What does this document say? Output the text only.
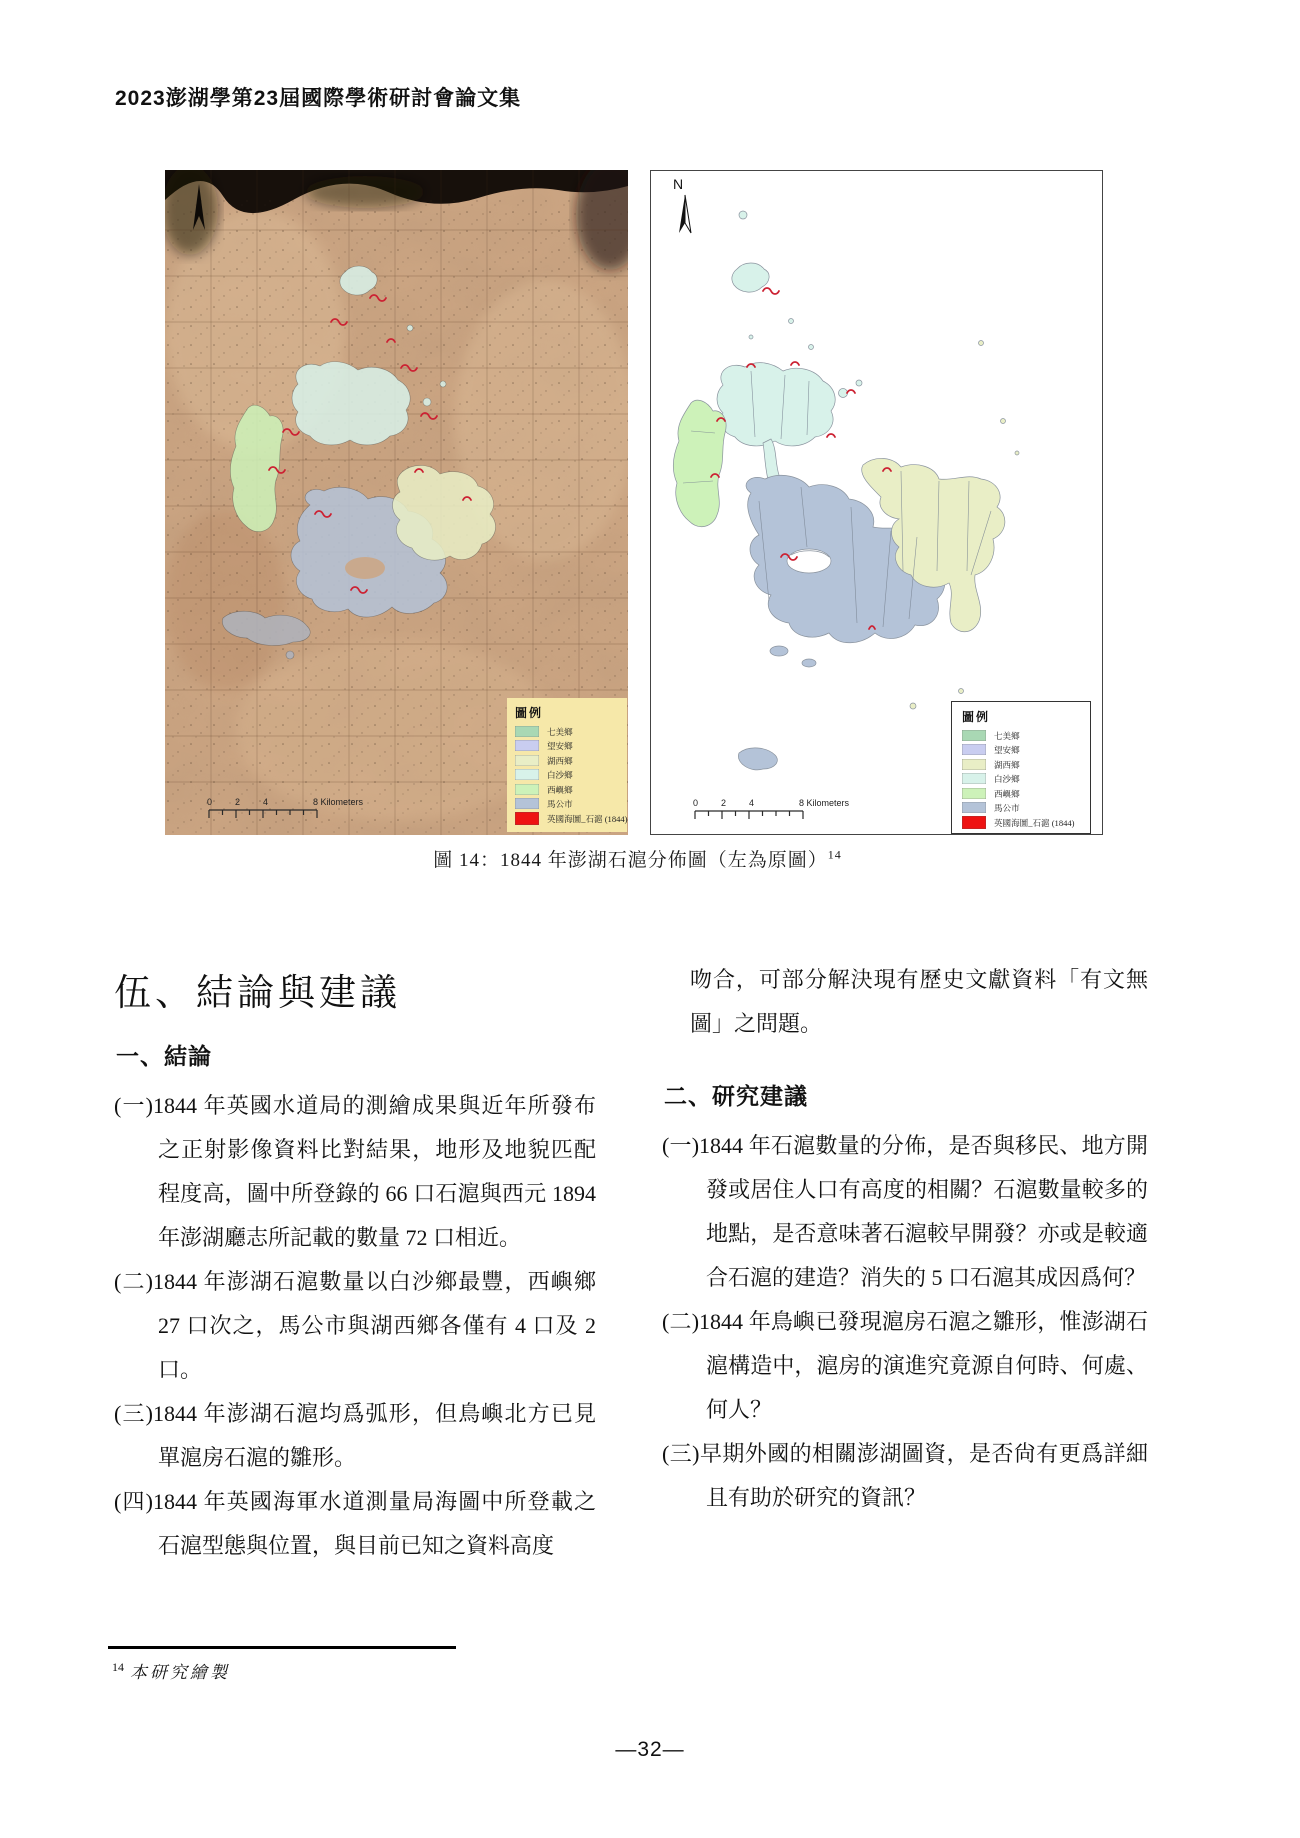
2023澎湖學第23屆國際學術研討會論文集
0	2	4	8 Kilometers
圖例
七美鄉
望安鄉
湖西鄉
白沙鄉
西嶼鄉
馬公市
英國海圖_石滬 (1844)
N
0	2	4	8 Kilometers
圖例
七美鄉
望安鄉
湖西鄉
白沙鄉
西嶼鄉
馬公市
英國海圖_石滬 (1844)
圖 14：1844 年澎湖石滬分佈圖（左為原圖）$^{14}$
伍、結論與建議
一、結論

(一)1844 年英國水道局的測繪成果與近年所發布之正射影像資料比對結果，地形及地貌匹配程度高，圖中所登錄的 66 口石滬與西元 1894 年澎湖廳志所記載的數量 72 口相近。

(二)1844 年澎湖石滬數量以白沙鄉最豐，西嶼鄉 27 口次之，馬公市與湖西鄉各僅有 4 口及 2 口。

(三)1844 年澎湖石滬均爲弧形，但鳥嶼北方已見單滬房石滬的雛形。

(四)1844 年英國海軍水道測量局海圖中所登載之石滬型態與位置，與目前已知之資料高度

吻合，可部分解決現有歷史文獻資料「有文無圖」之問題。

二、研究建議

(一)1844 年石滬數量的分佈，是否與移民、地方開發或居住人口有高度的相關？石滬數量較多的地點，是否意味著石滬較早開發？亦或是較適合石滬的建造？消失的 5 口石滬其成因爲何？

(二)1844 年鳥嶼已發現滬房石滬之雛形，惟澎湖石滬構造中，滬房的演進究竟源自何時、何處、何人？

(三)早期外國的相關澎湖圖資，是否尙有更爲詳細且有助於研究的資訊？

$^{14}$ 本研究繪製
—32—
